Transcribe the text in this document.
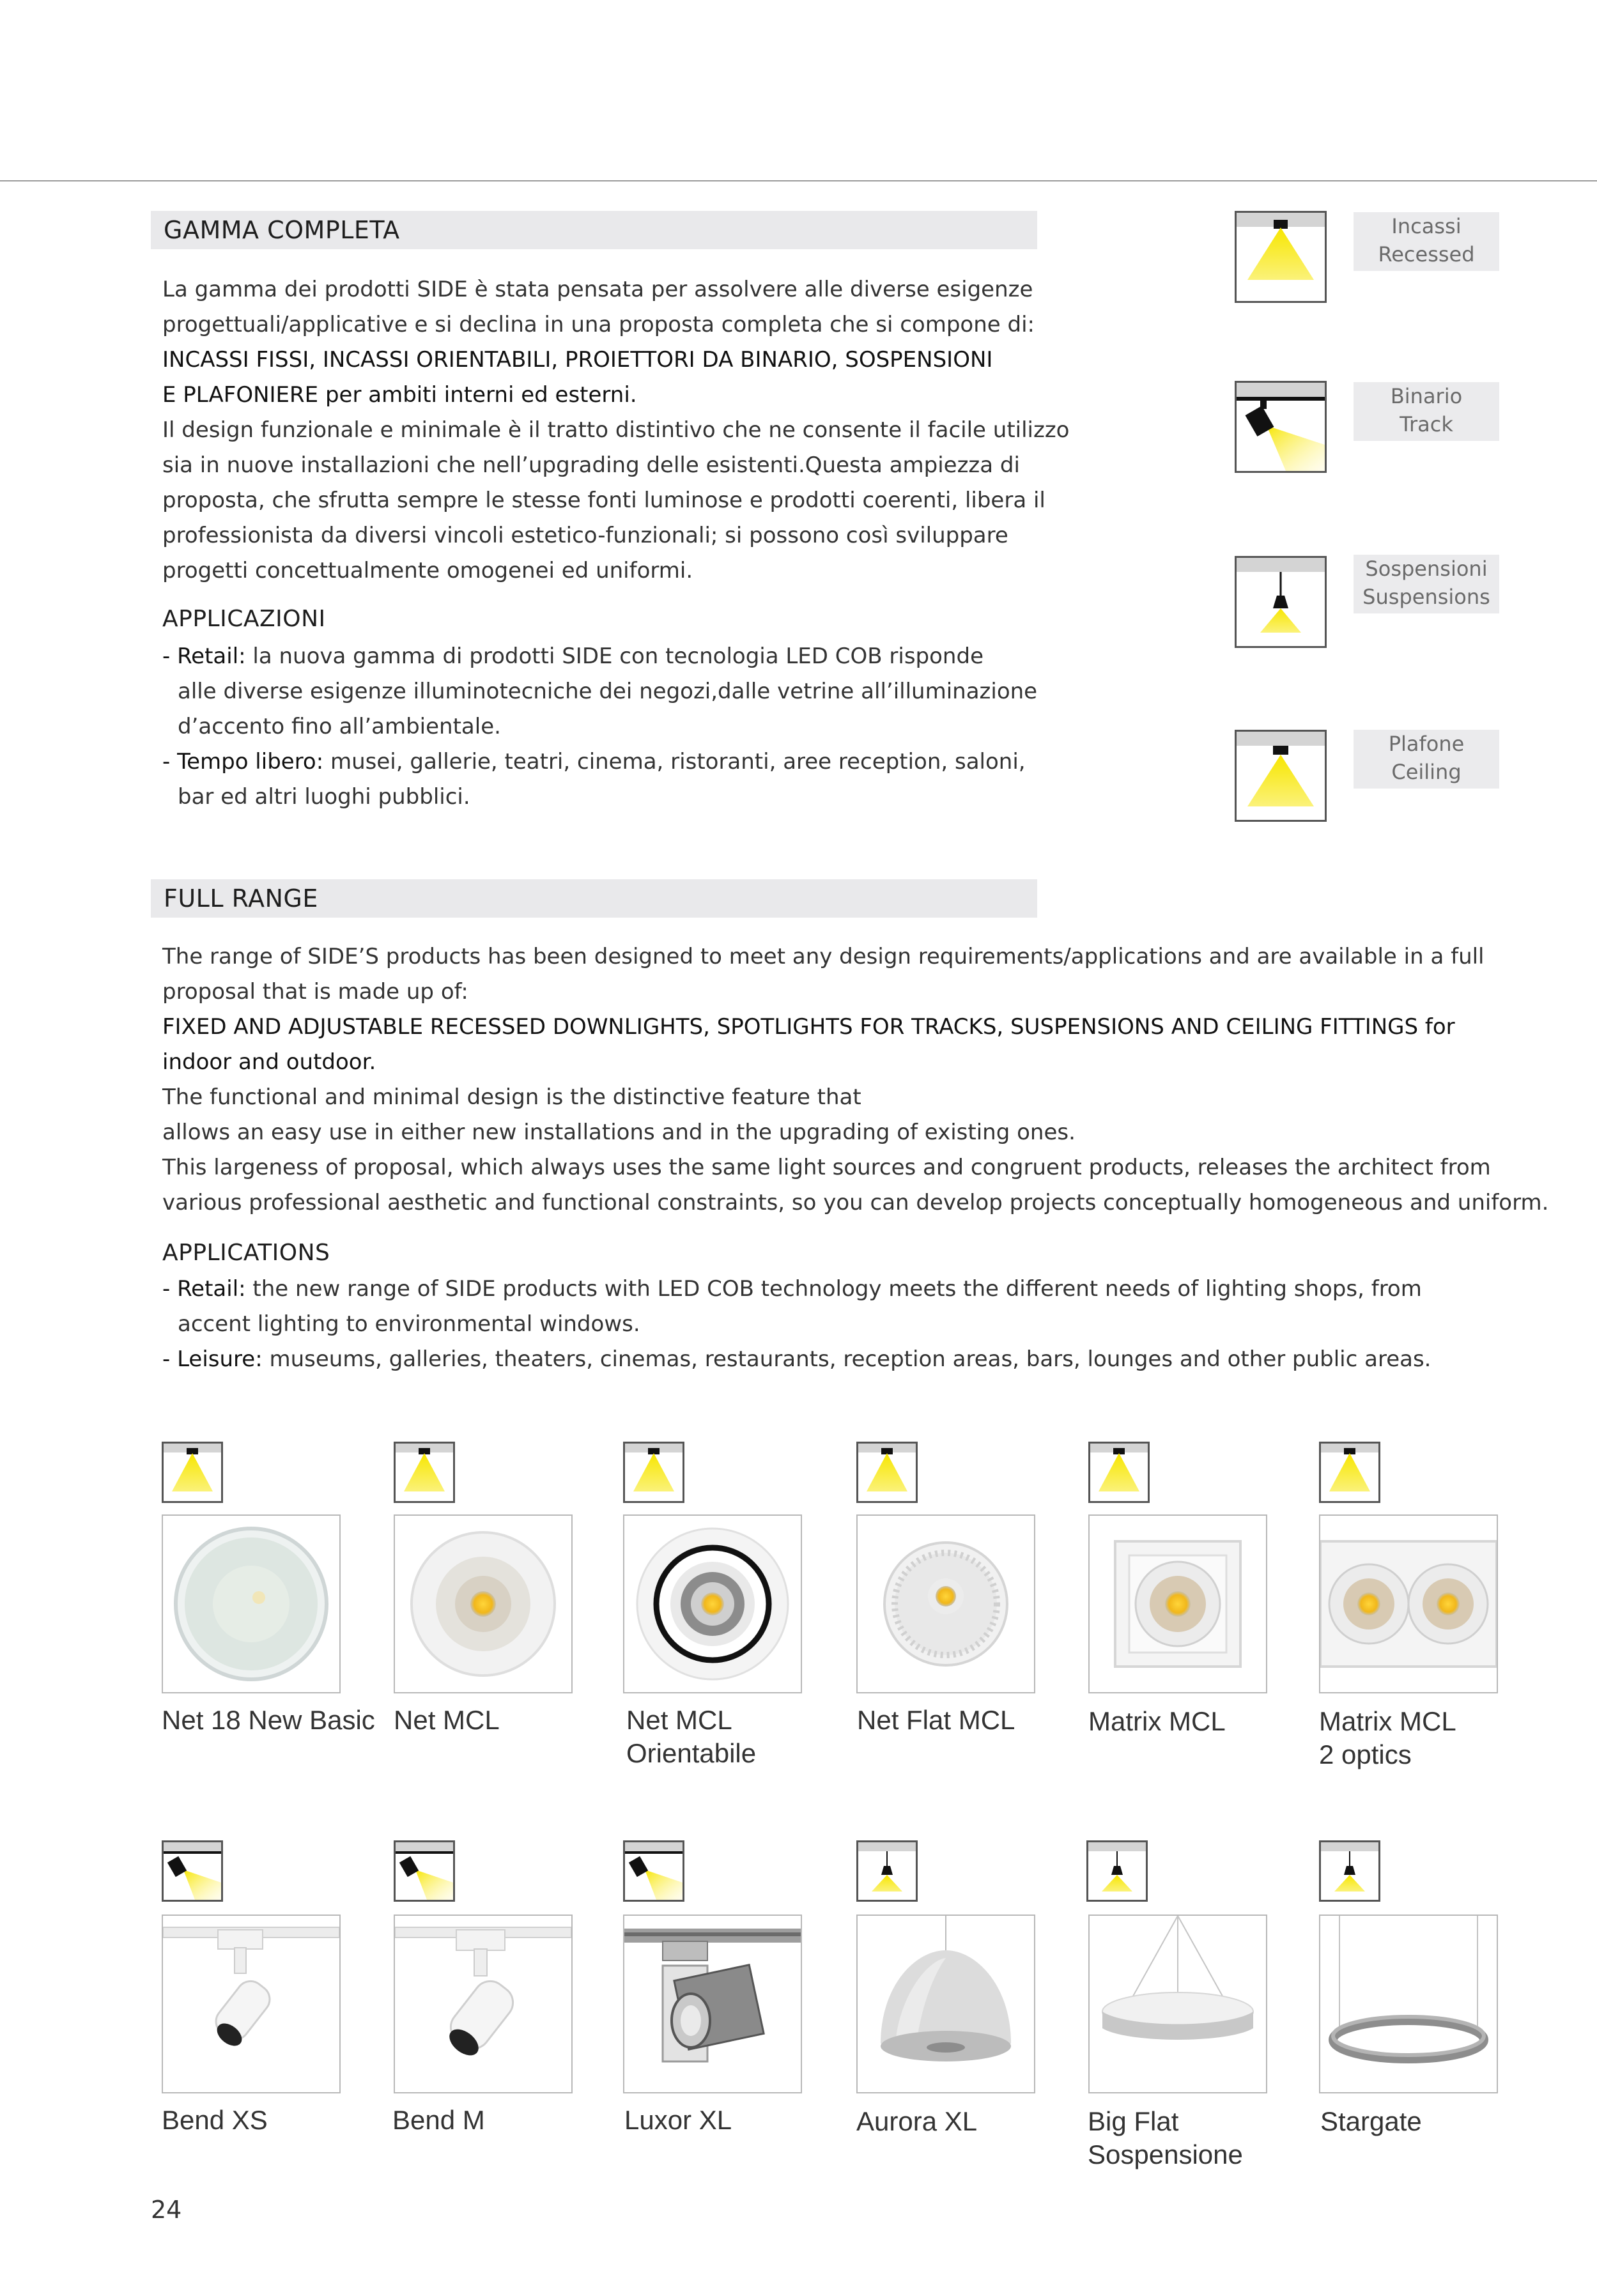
GAMMA COMPLETA

La gamma dei prodotti SIDE è stata pensata per assolvere alle diverse esigenze

progettuali/applicative e si declina in una proposta completa che si compone di:

INCASSI FISSI, INCASSI ORIENTABILI, PROIETTORI DA BINARIO, SOSPENSIONI

E PLAFONIERE per ambiti interni ed esterni.

Il design funzionale e minimale è il tratto distintivo che ne consente il facile utilizzo

sia in nuove installazioni che nell’upgrading delle esistenti.Questa ampiezza di

proposta, che sfrutta sempre le stesse fonti luminose e prodotti coerenti, libera il

professionista da diversi vincoli estetico-funzionali; si possono così sviluppare

progetti concettualmente omogenei ed uniformi.

APPLICAZIONI
- Retail: la nuova gamma di prodotti SIDE con tecnologia LED COB risponde
alle diverse esigenze illuminotecniche dei negozi,dalle vetrine all’illuminazione
d’accento fino all’ambientale.
- Tempo libero: musei, gallerie, teatri, cinema, ristoranti, aree reception, saloni,
bar ed altri luoghi pubblici.
Incassi
Recessed
Binario
Track
Sospensioni
Suspensions
Plafone
Ceiling
FULL RANGE

The range of SIDE’S products has been designed to meet any design requirements/applications and are available in a full

proposal that is made up of:

FIXED AND ADJUSTABLE RECESSED DOWNLIGHTS, SPOTLIGHTS FOR TRACKS, SUSPENSIONS AND CEILING FITTINGS for

indoor and outdoor.

The functional and minimal design is the distinctive feature that

allows an easy use in either new installations and in the upgrading of existing ones.

This largeness of proposal, which always uses the same light sources and congruent products, releases the architect from

various professional aesthetic and functional constraints, so you can develop projects conceptually homogeneous and uniform.

APPLICATIONS
- Retail: the new range of SIDE products with LED COB technology meets the different needs of lighting shops, from
accent lighting to environmental windows.
- Leisure: museums, galleries, theaters, cinemas, restaurants, reception areas, bars, lounges and other public areas.
Net 18 New Basic Net MCL	Net MCL
Orientabile
Net Flat MCL	Matrix MCL	Matrix MCL
2 optics
Bend XS	Bend M	Luxor XL	Aurora XL	Big Flat
Sospensione
Stargate
24
